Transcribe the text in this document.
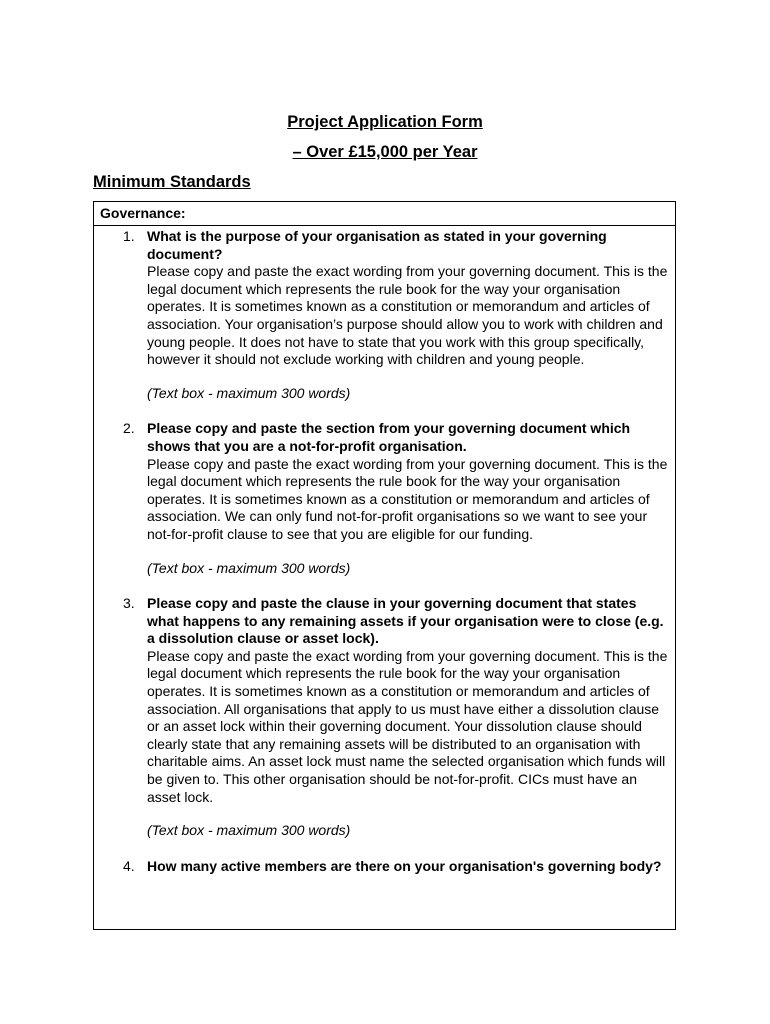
Project Application Form
– Over £15,000 per Year
Minimum Standards
Governance:
1. What is the purpose of your organisation as stated in your governing document?
Please copy and paste the exact wording from your governing document. This is the legal document which represents the rule book for the way your organisation operates. It is sometimes known as a constitution or memorandum and articles of association. Your organisation’s purpose should allow you to work with children and young people. It does not have to state that you work with this group specifically, however it should not exclude working with children and young people.
(Text box - maximum 300 words)
2. Please copy and paste the section from your governing document which shows that you are a not-for-profit organisation.
Please copy and paste the exact wording from your governing document. This is the legal document which represents the rule book for the way your organisation operates. It is sometimes known as a constitution or memorandum and articles of association. We can only fund not-for-profit organisations so we want to see your not-for-profit clause to see that you are eligible for our funding.
(Text box - maximum 300 words)
3. Please copy and paste the clause in your governing document that states what happens to any remaining assets if your organisation were to close (e.g. a dissolution clause or asset lock).
Please copy and paste the exact wording from your governing document. This is the legal document which represents the rule book for the way your organisation operates. It is sometimes known as a constitution or memorandum and articles of association. All organisations that apply to us must have either a dissolution clause or an asset lock within their governing document. Your dissolution clause should clearly state that any remaining assets will be distributed to an organisation with charitable aims. An asset lock must name the selected organisation which funds will be given to. This other organisation should be not-for-profit. CICs must have an asset lock.
(Text box - maximum 300 words)
4. How many active members are there on your organisation's governing body?
